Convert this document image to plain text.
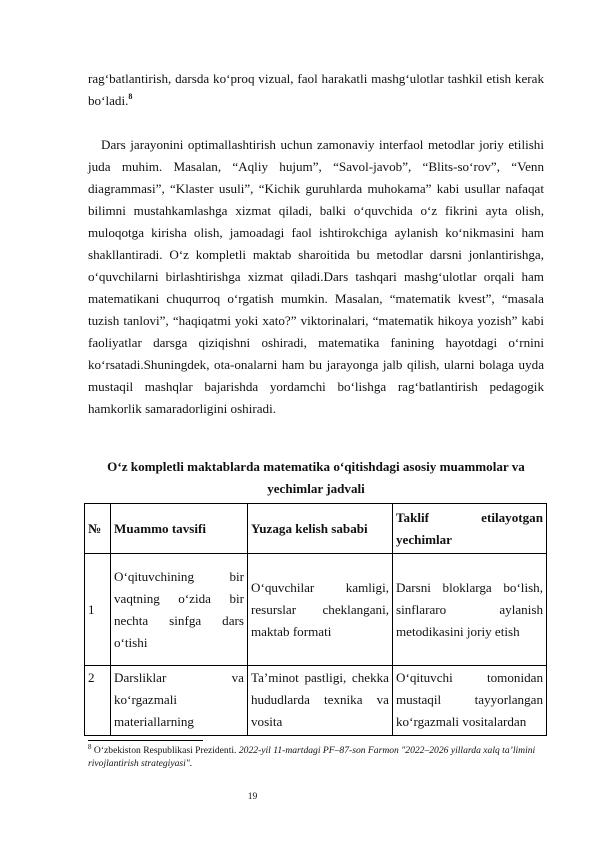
rag‘batlantirish, darsda ko‘proq vizual, faol harakatli mashg‘ulotlar tashkil etish kerak bo‘ladi.$^8$

Dars jarayonini optimallashtirish uchun zamonaviy interfaol metodlar joriy etilishi juda muhim. Masalan, “Aqliy hujum”, “Savol-javob”, “Blits-so‘rov”, “Venn diagrammasi”, “Klaster usuli”, “Kichik guruhlarda muhokama” kabi usullar nafaqat bilimni mustahkamlashga xizmat qiladi, balki o‘quvchida o‘z fikrini ayta olish, muloqotga kirisha olish, jamoadagi faol ishtirokchiga aylanish ko‘nikmasini ham shakllantiradi. O‘z kompletli maktab sharoitida bu metodlar darsni jonlantirishga, o‘quvchilarni birlashtirishga xizmat qiladi.Dars tashqari mashg‘ulotlar orqali ham matematikani chuqurroq o‘rgatish mumkin. Masalan, “matematik kvest”, “masala tuzish tanlovi”, “haqiqatmi yoki xato?” viktorinalari, “matematik hikoya yozish” kabi faoliyatlar darsga qiziqishni oshiradi, matematika fanining hayotdagi o‘rnini ko‘rsatadi.Shuningdek, ota-onalarni ham bu jarayonga jalb qilish, ularni bolaga uyda mustaqil mashqlar bajarishda yordamchi bo‘lishga rag‘batlantirish pedagogik hamkorlik samaradorligini oshiradi.

O‘z kompletli maktablarda matematika o‘qitishdagi asosiy muammolar va yechimlar jadvali

№	Muammo tavsifi	Yuzaga kelish sababi	Taklif etilayotgan yechimlar
1	O‘qituvchining bir vaqtning o‘zida bir nechta sinfga dars o‘tishi	O‘quvchilar kamligi, resurslar cheklangani, maktab formati	Darsni bloklarga bo‘lish, sinflararo aylanish metodikasini joriy etish
2	Darsliklar va ko‘rgazmali materiallarning	Ta’minot pastligi, chekka hududlarda texnika va vosita	O‘qituvchi tomonidan mustaqil tayyorlangan ko‘rgazmali vositalardan

$^8$ O‘zbekiston Respublikasi Prezidenti. 2022-yil 11-martdagi PF–87-son Farmon "2022–2026 yillarda xalq ta’limini rivojlantirish strategiyasi".

19
